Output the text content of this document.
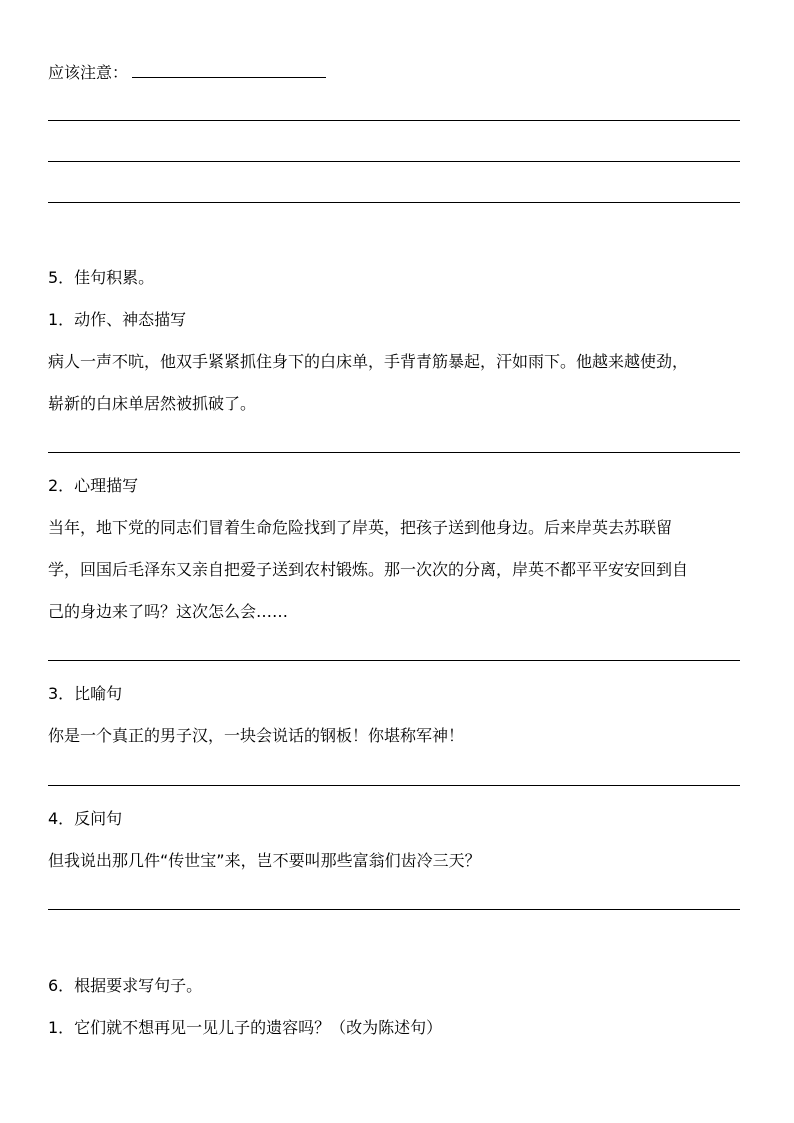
应该注意：

5．佳句积累。

1．动作、神态描写

病人一声不吭，他双手紧紧抓住身下的白床单，手背青筋暴起，汗如雨下。他越来越使劲，

崭新的白床单居然被抓破了。

2．心理描写

当年，地下党的同志们冒着生命危险找到了岸英，把孩子送到他身边。后来岸英去苏联留

学，回国后毛泽东又亲自把爱子送到农村锻炼。那一次次的分离，岸英不都平平安安回到自

己的身边来了吗？这次怎么会……

3．比喻句

你是一个真正的男子汉，一块会说话的钢板！你堪称军神！

4．反问句

但我说出那几件“传世宝”来，岂不要叫那些富翁们齿冷三天？

6．根据要求写句子。

1．它们就不想再见一见儿子的遗容吗？（改为陈述句）
